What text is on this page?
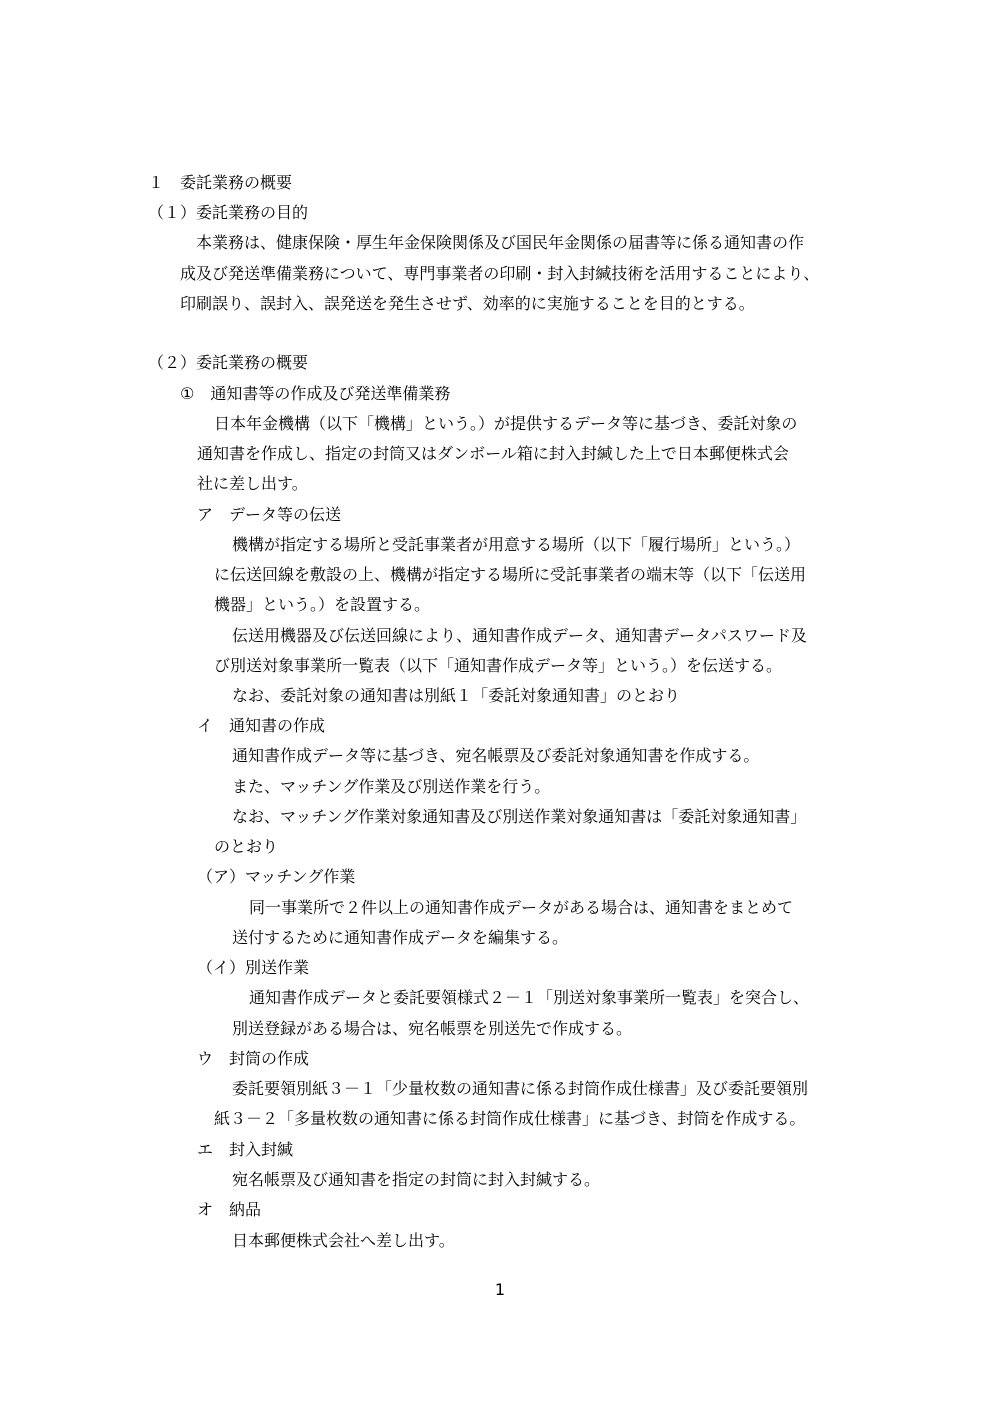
１　委託業務の概要
（１）委託業務の目的
本業務は、健康保険・厚生年金保険関係及び国民年金関係の届書等に係る通知書の作
成及び発送準備業務について、専門事業者の印刷・封入封緘技術を活用することにより、
印刷誤り、誤封入、誤発送を発生させず、効率的に実施することを目的とする。
（２）委託業務の概要
①　通知書等の作成及び発送準備業務
日本年金機構（以下「機構」という。）が提供するデータ等に基づき、委託対象の
通知書を作成し、指定の封筒又はダンボール箱に封入封緘した上で日本郵便株式会
社に差し出す。
ア　データ等の伝送
機構が指定する場所と受託事業者が用意する場所（以下「履行場所」という。）
に伝送回線を敷設の上、機構が指定する場所に受託事業者の端末等（以下「伝送用
機器」という。）を設置する。
伝送用機器及び伝送回線により、通知書作成データ、通知書データパスワード及
び別送対象事業所一覧表（以下「通知書作成データ等」という。）を伝送する。
なお、委託対象の通知書は別紙１「委託対象通知書」のとおり
イ　通知書の作成
通知書作成データ等に基づき、宛名帳票及び委託対象通知書を作成する。
また、マッチング作業及び別送作業を行う。
なお、マッチング作業対象通知書及び別送作業対象通知書は「委託対象通知書」
のとおり
（ア）マッチング作業
同一事業所で２件以上の通知書作成データがある場合は、通知書をまとめて
送付するために通知書作成データを編集する。
（イ）別送作業
通知書作成データと委託要領様式２－１「別送対象事業所一覧表」を突合し、
別送登録がある場合は、宛名帳票を別送先で作成する。
ウ　封筒の作成
委託要領別紙３－１「少量枚数の通知書に係る封筒作成仕様書」及び委託要領別
紙３－２「多量枚数の通知書に係る封筒作成仕様書」に基づき、封筒を作成する。
エ　封入封緘
宛名帳票及び通知書を指定の封筒に封入封緘する。
オ　納品
日本郵便株式会社へ差し出す。
1
